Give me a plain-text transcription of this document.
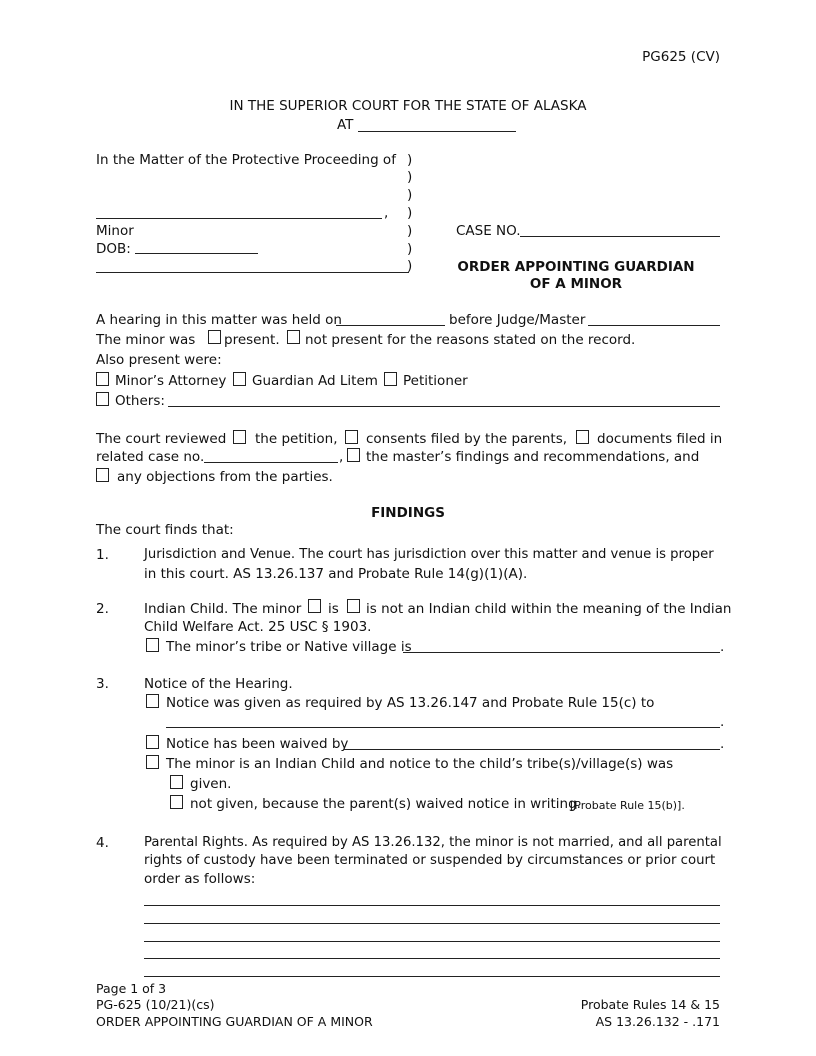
PG625 (CV)
IN THE SUPERIOR COURT FOR THE STATE OF ALASKA
AT
In the Matter of the Protective Proceeding of )
)
)
)
)
)
)
,
Minor
DOB:
CASE NO.
ORDER APPOINTING GUARDIAN
OF A MINOR
A hearing in this matter was held on	before Judge/Master
The minor was present. not present for the reasons stated on the record.
Also present were:
Minor’s Attorney Guardian Ad Litem Petitioner
Others:
The court reviewed the petition, consents filed by the parents, documents filed in
related case no.	, the master’s findings and recommendations, and
any objections from the parties.
FINDINGS
The court finds that:
1.	Jurisdiction and Venue. The court has jurisdiction over this matter and venue is proper
in this court. AS 13.26.137 and Probate Rule 14(g)(1)(A).
2.	Indian Child. The minor is is not an Indian child within the meaning of the Indian
Child Welfare Act. 25 USC § 1903.
The minor’s tribe or Native village is	.
3.	Notice of the Hearing.
Notice was given as required by AS 13.26.147 and Probate Rule 15(c) to
.
Notice has been waived by	.
The minor is an Indian Child and notice to the child’s tribe(s)/village(s) was
given.
not given, because the parent(s) waived notice in writing.
[Probate Rule 15(b)].
4.	Parental Rights. As required by AS 13.26.132, the minor is not married, and all parental
rights of custody have been terminated or suspended by circumstances or prior court
order as follows:
Page 1 of 3
PG-625 (10/21)(cs)
ORDER APPOINTING GUARDIAN OF A MINOR
Probate Rules 14 & 15
AS 13.26.132 - .171
